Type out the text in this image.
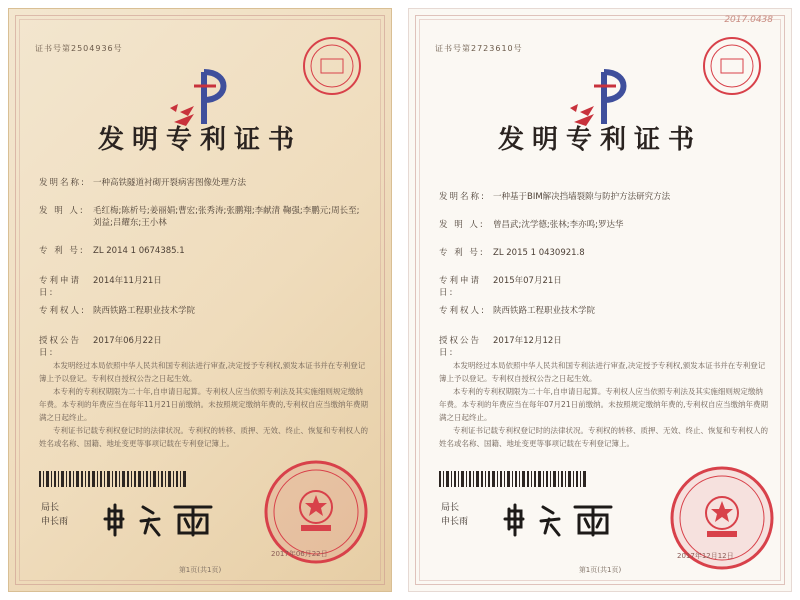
证书号第2504936号
发明专利证书
发明名称: 一种高铁隧道衬砌开裂病害图像处理方法
发 明 人: 毛红梅;陈析号;姜丽娟;曹宏;张秀涛;张鹏翔;李献清 鞠强;李鹏元;周长至;刘益;吕耀东;王小林
专 利 号: ZL 2014 1 0674385.1
专利申请日:2014年11月21日
专利权人: 陕西铁路工程职业技术学院
授权公告日:2017年06月22日

本发明经过本局依照中华人民共和国专利法进行审查,决定授予专利权,颁发本证书并在专利登记簿上予以登记。专利权自授权公告之日起生效。

本专利的专利权期限为二十年,自申请日起算。专利权人应当依照专利法及其实施细则规定缴纳年费。本专利的年费应当在每年11月21日前缴纳。未按照规定缴纳年费的,专利权自应当缴纳年费期满之日起终止。

专利证书记载专利权登记时的法律状况。专利权的转移、质押、无效、终止、恢复和专利权人的姓名或名称、国籍、地址变更等事项记载在专利登记簿上。

局长
申长雨
2017年06月22日
第1页(共1页)
2017.0438
证书号第2723610号
发明专利证书
发明名称: 一种基于BIM解决挡墙裂隙与防护方法研究方法
发 明 人: 曾昌武;沈学德;张林;李亦鸣;罗达华
专 利 号: ZL 2015 1 0430921.8
专利申请日:2015年07月21日
专利权人: 陕西铁路工程职业技术学院
授权公告日:2017年12月12日

本发明经过本局依照中华人民共和国专利法进行审查,决定授予专利权,颁发本证书并在专利登记簿上予以登记。专利权自授权公告之日起生效。

本专利的专利权期限为二十年,自申请日起算。专利权人应当依照专利法及其实施细则规定缴纳年费。本专利的年费应当在每年07月21日前缴纳。未按照规定缴纳年费的,专利权自应当缴纳年费期满之日起终止。

专利证书记载专利权登记时的法律状况。专利权的转移、质押、无效、终止、恢复和专利权人的姓名或名称、国籍、地址变更等事项记载在专利登记簿上。

局长
申长雨
2017年12月12日
第1页(共1页)
